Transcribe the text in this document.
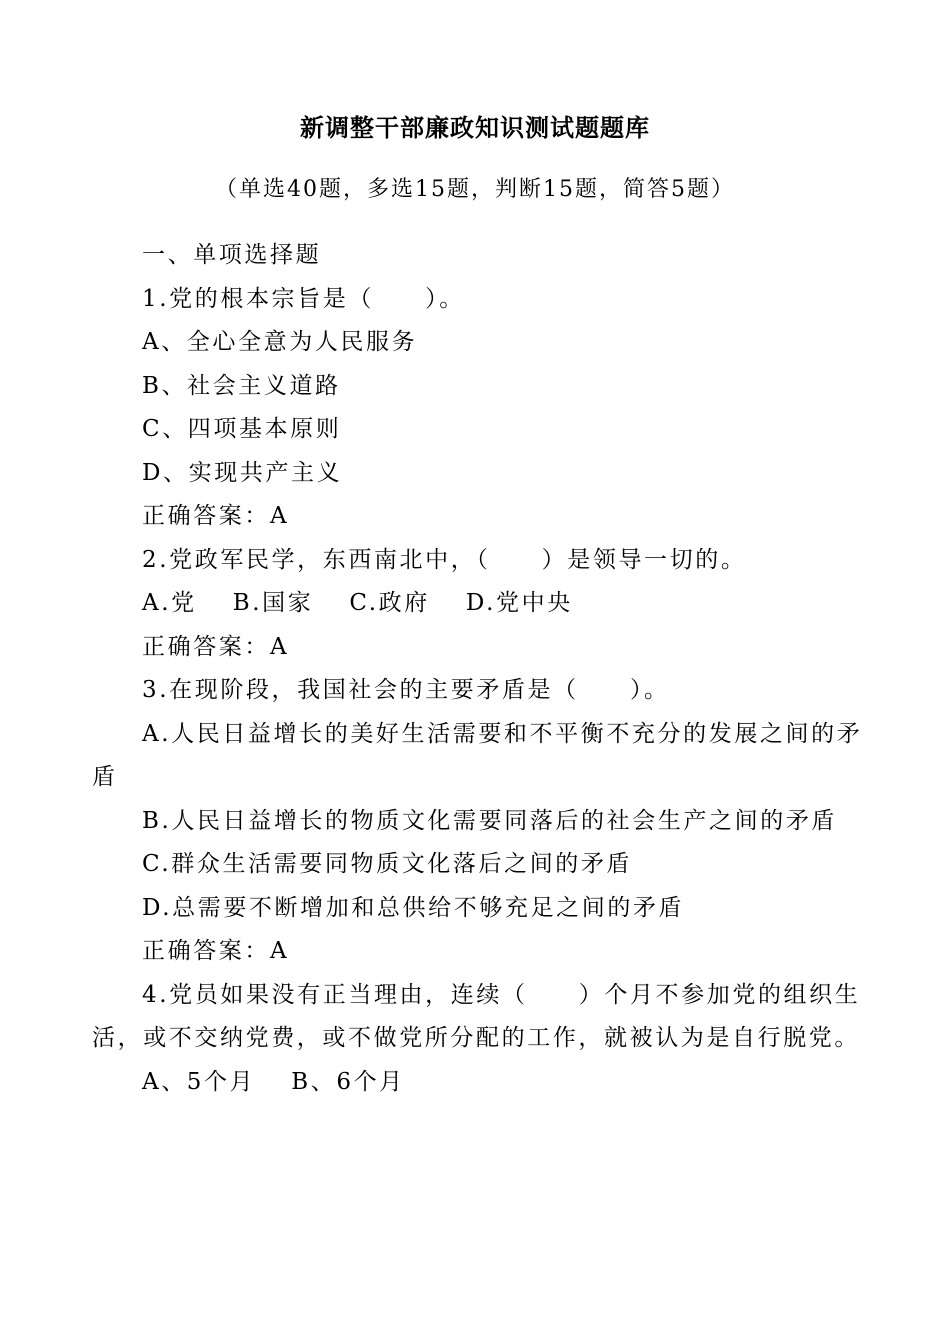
新调整干部廉政知识测试题题库
（单选40题，多选15题，判断15题，简答5题）
一、单项选择题
1.党的根本宗旨是（　　）。
A、全心全意为人民服务
B、社会主义道路
C、四项基本原则
D、实现共产主义
正确答案：A
2.党政军民学，东西南北中，（　　）是领导一切的。
A.党 B.国家 C.政府 D.党中央
正确答案：A
3.在现阶段，我国社会的主要矛盾是（　　）。
A.人民日益增长的美好生活需要和不平衡不充分的发展之间的矛
盾
B.人民日益增长的物质文化需要同落后的社会生产之间的矛盾
C.群众生活需要同物质文化落后之间的矛盾
D.总需要不断增加和总供给不够充足之间的矛盾
正确答案：A
4.党员如果没有正当理由，连续（　　）个月不参加党的组织生
活，或不交纳党费，或不做党所分配的工作，就被认为是自行脱党。
A、5个月 B、6个月
